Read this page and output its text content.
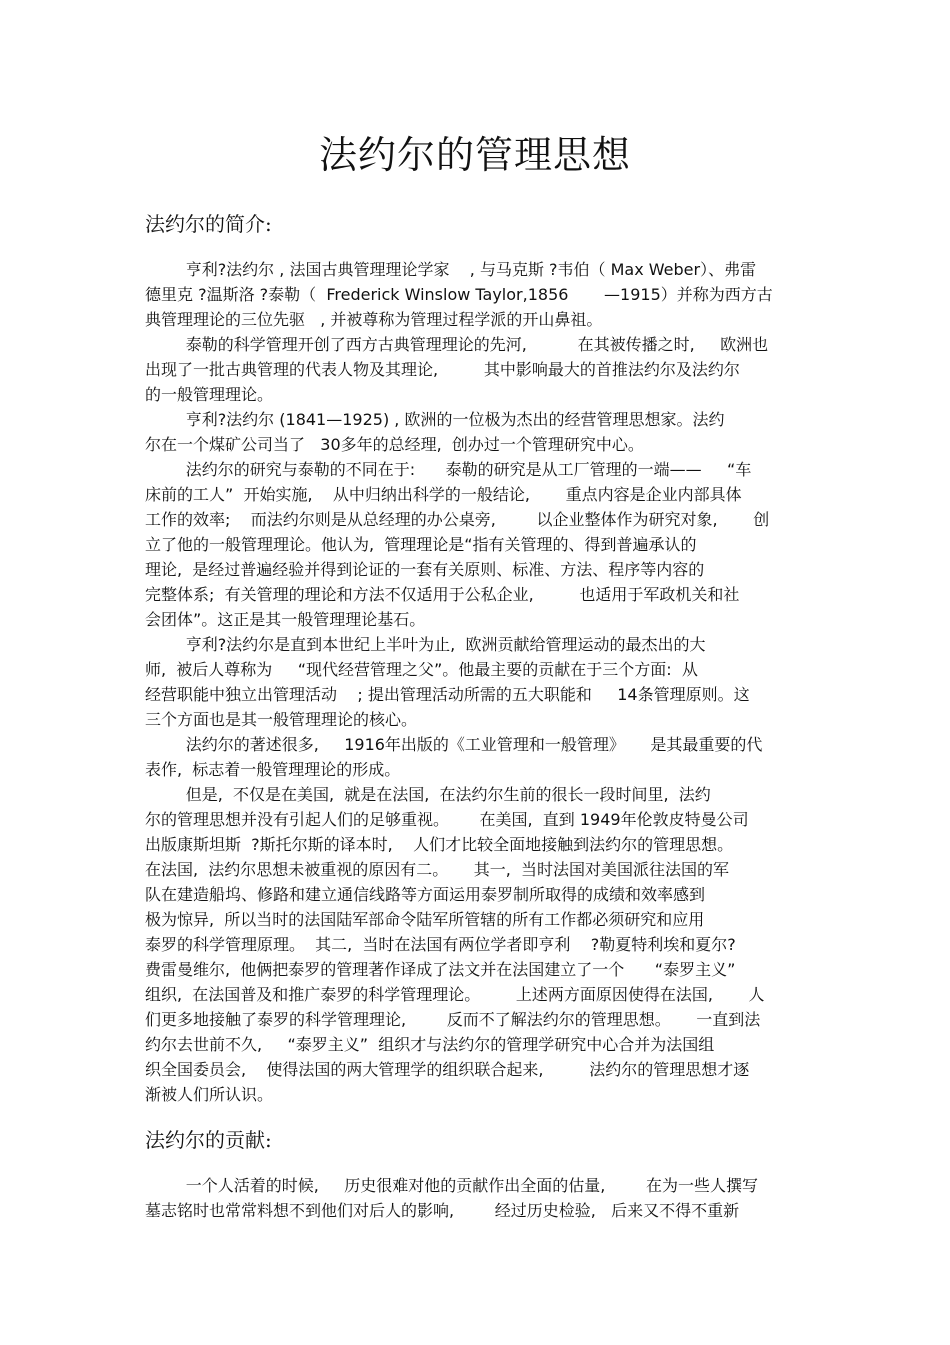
法约尔的管理思想
法约尔的简介:
亨利?法约尔 , 法国古典管理理论学家    , 与马克斯 ?韦伯（ Max Weber）、弗雷
德里克 ?温斯洛 ?泰勒（  Frederick Winslow Taylor,1856       —1915）并称为西方古
典管理理论的三位先驱   , 并被尊称为管理过程学派的开山鼻祖。
泰勒的科学管理开创了西方古典管理理论的先河,          在其被传播之时,     欧洲也
出现了一批古典管理的代表人物及其理论,         其中影响最大的首推法约尔及法约尔
的一般管理理论。
亨利?法约尔 (1841—1925) , 欧洲的一位极为杰出的经营管理思想家。法约
尔在一个煤矿公司当了   30多年的总经理,  创办过一个管理研究中心。
法约尔的研究与泰勒的不同在于:      泰勒的研究是从工厂管理的一端——     “车
床前的工人”  开始实施,    从中归纳出科学的一般结论,       重点内容是企业内部具体
工作的效率;    而法约尔则是从总经理的办公桌旁,        以企业整体作为研究对象,       创
立了他的一般管理理论。他认为,  管理理论是“指有关管理的、得到普遍承认的
理论,  是经过普遍经验并得到论证的一套有关原则、标准、方法、程序等内容的
完整体系;  有关管理的理论和方法不仅适用于公私企业,         也适用于军政机关和社
会团体”。这正是其一般管理理论基石。
亨利?法约尔是直到本世纪上半叶为止,  欧洲贡献给管理运动的最杰出的大
师,  被后人尊称为     “现代经营管理之父”。他最主要的贡献在于三个方面:  从
经营职能中独立出管理活动    ; 提出管理活动所需的五大职能和     14条管理原则。这
三个方面也是其一般管理理论的核心。
法约尔的著述很多,     1916年出版的《工业管理和一般管理》     是其最重要的代
表作,  标志着一般管理理论的形成。
但是,  不仅是在美国,  就是在法国,  在法约尔生前的很长一段时间里,  法约
尔的管理思想并没有引起人们的足够重视。      在美国,  直到 1949年伦敦皮特曼公司
出版康斯坦斯  ?斯托尔斯的译本时,    人们才比较全面地接触到法约尔的管理思想。
在法国,  法约尔思想未被重视的原因有二。     其一,  当时法国对美国派往法国的军
队在建造船坞、修路和建立通信线路等方面运用泰罗制所取得的成绩和效率感到
极为惊异,  所以当时的法国陆军部命令陆军所管辖的所有工作都必须研究和应用
泰罗的科学管理原理。  其二,  当时在法国有两位学者即亨利    ?勒夏特利埃和夏尔?
费雷曼维尔,  他俩把泰罗的管理著作译成了法文并在法国建立了一个      “泰罗主义”
组织,  在法国普及和推广泰罗的科学管理理论。       上述两方面原因使得在法国,       人
们更多地接触了泰罗的科学管理理论,        反而不了解法约尔的管理思想。     一直到法
约尔去世前不久,     “泰罗主义”  组织才与法约尔的管理学研究中心合并为法国组
织全国委员会,    使得法国的两大管理学的组织联合起来,         法约尔的管理思想才逐
渐被人们所认识。
法约尔的贡献:
一个人活着的时候,     历史很难对他的贡献作出全面的估量,        在为一些人撰写
墓志铭时也常常料想不到他们对后人的影响,        经过历史检验,   后来又不得不重新
